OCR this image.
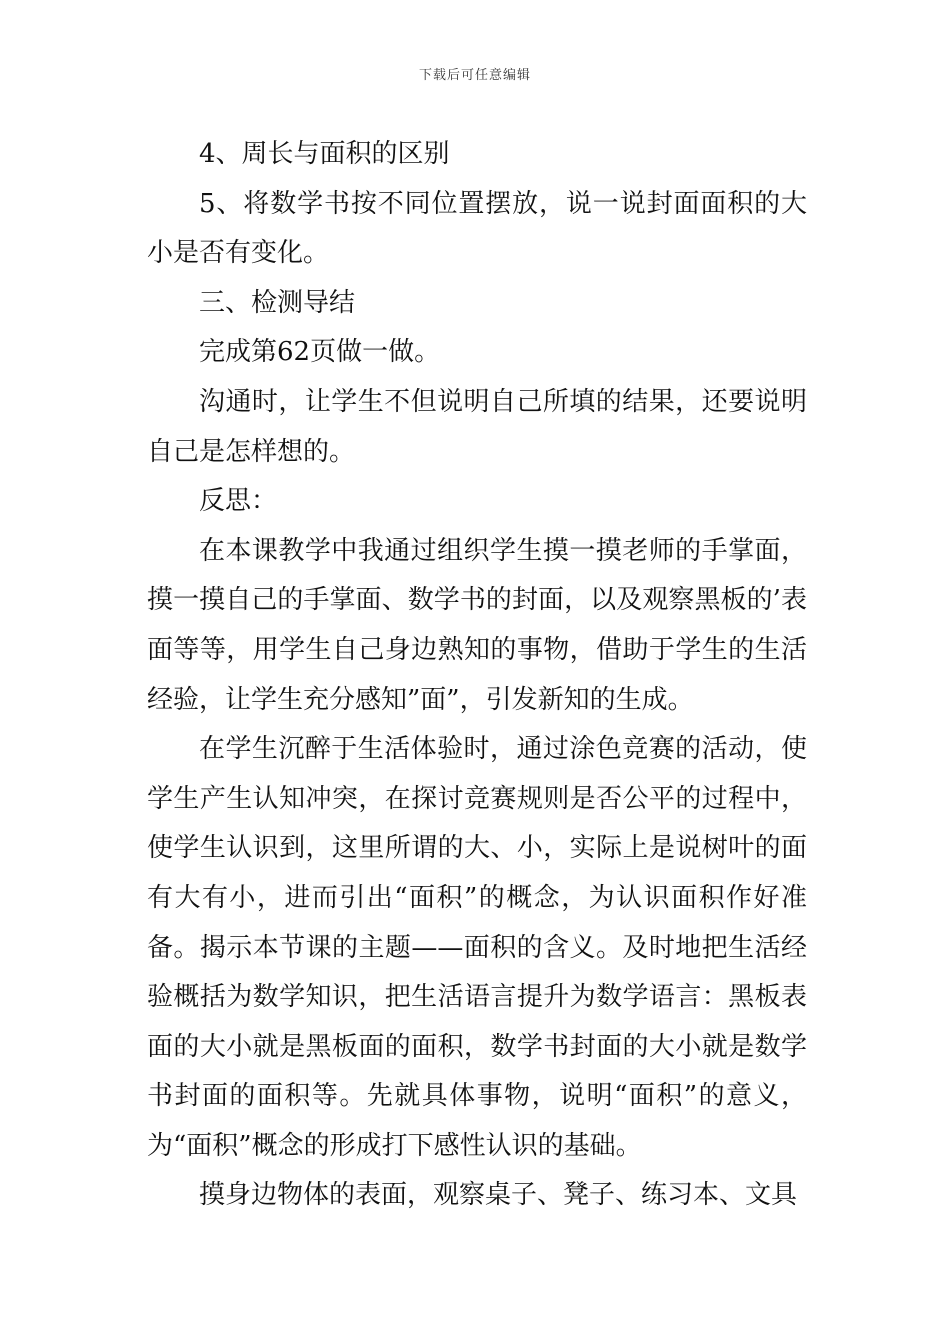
下载后可任意编辑

4、周长与面积的区别

5、将数学书按不同位置摆放，说一说封面面积的大小是否有变化。

三、检测导结

完成第62页做一做。

沟通时，让学生不但说明自己所填的结果，还要说明自己是怎样想的。

反思：

在本课教学中我通过组织学生摸一摸老师的手掌面，摸一摸自己的手掌面、数学书的封面，以及观察黑板的’表面等等，用学生自己身边熟知的事物，借助于学生的生活经验，让学生充分感知”面”，引发新知的生成。

在学生沉醉于生活体验时，通过涂色竞赛的活动，使学生产生认知冲突，在探讨竞赛规则是否公平的过程中，使学生认识到，这里所谓的大、小，实际上是说树叶的面有大有小，进而引出“面积”的概念，为认识面积作好准备。揭示本节课的主题——面积的含义。及时地把生活经验概括为数学知识，把生活语言提升为数学语言：黑板表面的大小就是黑板面的面积，数学书封面的大小就是数学书封面的面积等。先就具体事物，说明“面积”的意义，为“面积”概念的形成打下感性认识的基础。

摸身边物体的表面，观察桌子、凳子、练习本、文具
